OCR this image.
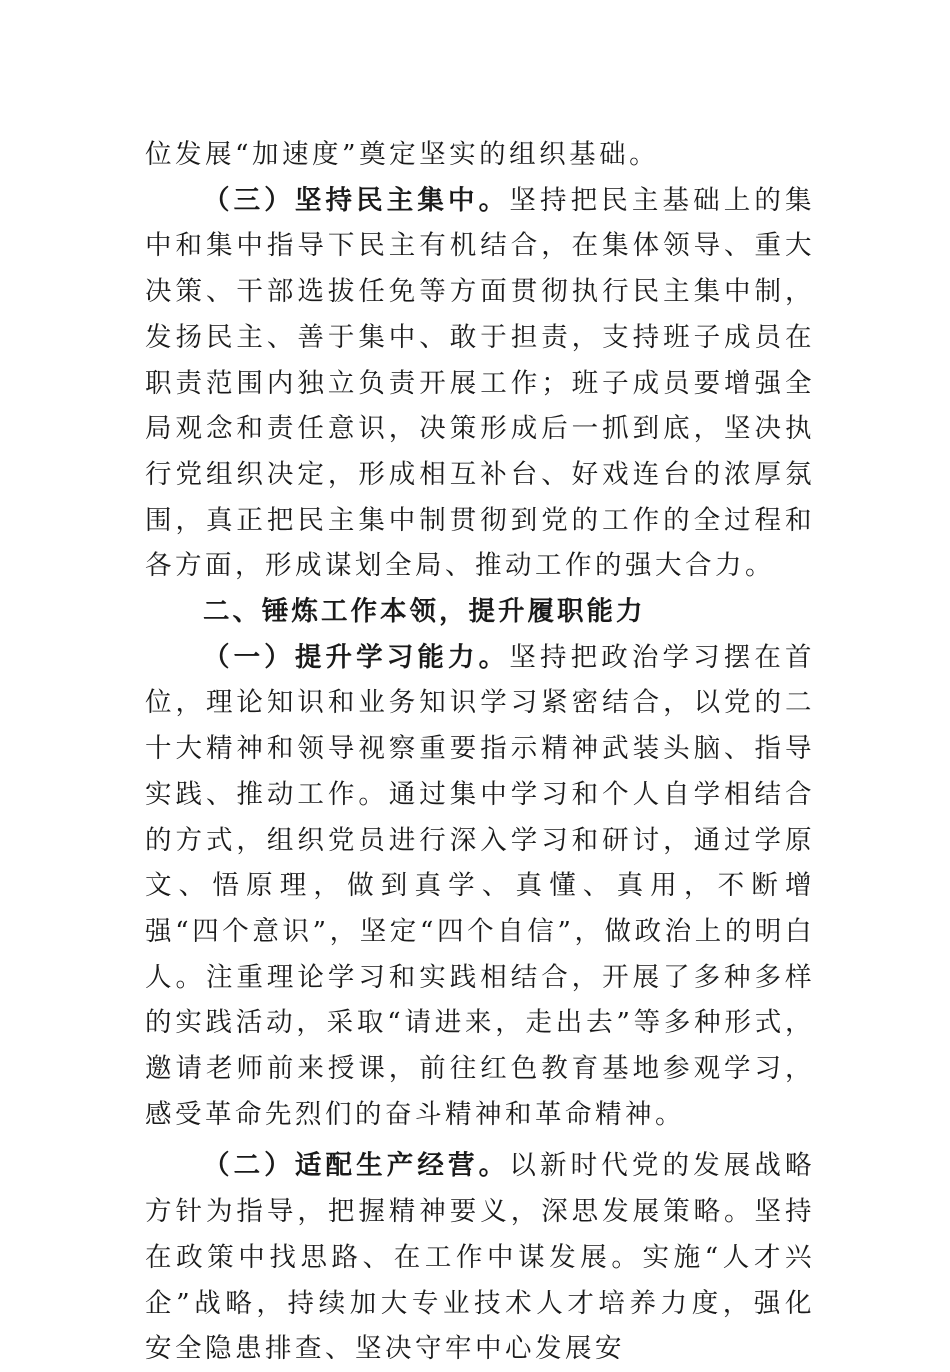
位发展“加速度”奠定坚实的组织基础。

（三）坚持民主集中。坚持把民主基础上的集中和集中指导下民主有机结合，在集体领导、重大决策、干部选拔任免等方面贯彻执行民主集中制，发扬民主、善于集中、敢于担责，支持班子成员在职责范围内独立负责开展工作；班子成员要增强全局观念和责任意识，决策形成后一抓到底，坚决执行党组织决定，形成相互补台、好戏连台的浓厚氛围，真正把民主集中制贯彻到党的工作的全过程和各方面，形成谋划全局、推动工作的强大合力。

二、锤炼工作本领，提升履职能力

（一）提升学习能力。坚持把政治学习摆在首位，理论知识和业务知识学习紧密结合，以党的二十大精神和领导视察重要指示精神武装头脑、指导实践、推动工作。通过集中学习和个人自学相结合的方式，组织党员进行深入学习和研讨，通过学原文、悟原理，做到真学、真懂、真用，不断增强“四个意识”，坚定“四个自信”，做政治上的明白人。注重理论学习和实践相结合，开展了多种多样的实践活动，采取“请进来，走出去”等多种形式，邀请老师前来授课，前往红色教育基地参观学习，感受革命先烈们的奋斗精神和革命精神。

（二）适配生产经营。以新时代党的发展战略方针为指导，把握精神要义，深思发展策略。坚持在政策中找思路、在工作中谋发展。实施“人才兴企”战略，持续加大专业技术人才培养力度，强化安全隐患排查、坚决守牢中心发展安
